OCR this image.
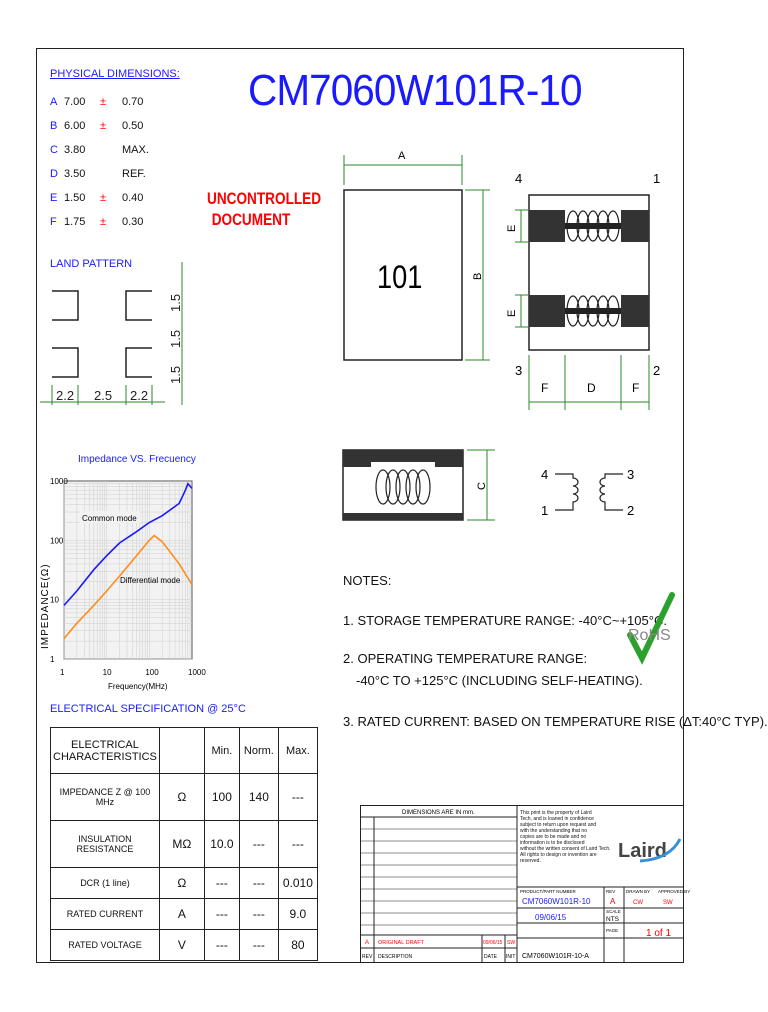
CM7060W101R-10
PHYSICAL DIMENSIONS:
A 7.00 ± 0.70
B 6.00 ± 0.50
C 3.80	MAX.
D 3.50	REF.
E 1.50 ± 0.40
F 1.75 ± 0.30
UNCONTROLLED
DOCUMENT
LAND PATTERN
2.2 2.5 2.2
1.5
1.5
1.5
A
B
101
4	1
3	2
E
E
F	D	F
C
4
1
3
2
1	10	100	1000
1
10
100
1000
Impedance VS. Frecuency
Frequency(MHz)
IMPEDANCE(Ω)
Common mode
Differential mode
ELECTRICAL SPECIFICATION @ 25°C
ELECTRICAL CHARACTERISTICS		Min.	Norm.	Max.
IMPEDANCE Z @ 100 MHz	Ω	100	140	---
INSULATION RESISTANCE	MΩ	10.0	---	---
DCR (1 line)	Ω	---	---	0.010
RATED CURRENT	A	---	---	9.0
RATED VOLTAGE	V	---	---	80
NOTES:
1. STORAGE TEMPERATURE RANGE: -40°C~+105°C.
2. OPERATING TEMPERATURE RANGE:
-40°C TO +125°C (INCLUDING SELF-HEATING).
3. RATED CURRENT: BASED ON TEMPERATURE RISE (ΔT:40°C TYP).
RoHS
DIMENSIONS ARE IN mm.	This print is the property of Laird
Tech, and is loaned in confidence
subject to return upon request and
with the understanding that no
copies are to be made and no
information is to be disclosed
without the written consent of Laird Tech.
All rights to design or invention are
reserved.	Laird
PRODUCT/PART NUMBER
CM7060W101R-10
REV
A
DRAWN BY
CW
APPROVED BY
SW
09/06/15
SCALE
NTS
PAGE	1 of 1
A ORIGINAL DRAFT	09/06/15 SW
REV DESCRIPTION	DATE INIT CM7060W101R-10-A
